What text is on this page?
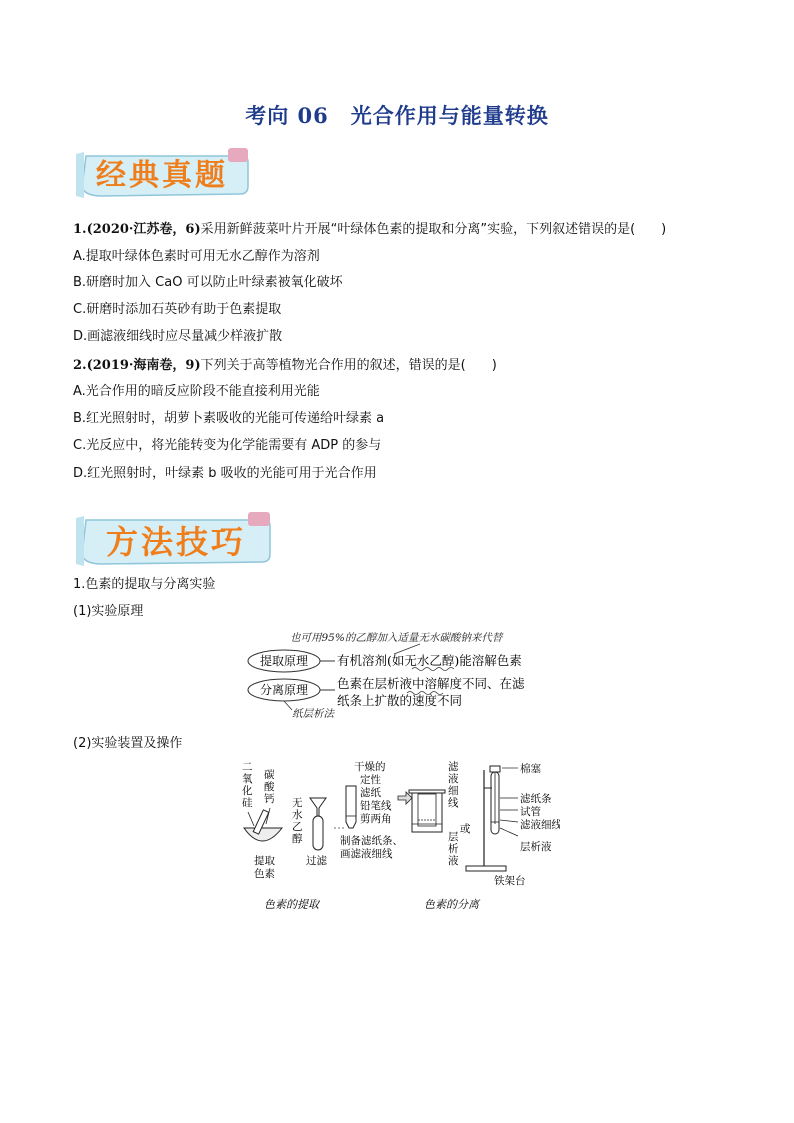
考向 06　光合作用与能量转换
经典真题
1.(2020·江苏卷，6)采用新鲜菠菜叶片开展“叶绿体色素的提取和分离”实验，下列叙述错误的是(　　)
A.提取叶绿体色素时可用无水乙醇作为溶剂
B.研磨时加入 CaO 可以防止叶绿素被氧化破坏
C.研磨时添加石英砂有助于色素提取
D.画滤液细线时应尽量减少样液扩散
2.(2019·海南卷，9)下列关于高等植物光合作用的叙述，错误的是(　　)
A.光合作用的暗反应阶段不能直接利用光能
B.红光照射时，胡萝卜素吸收的光能可传递给叶绿素 a
C.光反应中，将光能转变为化学能需要有 ADP 的参与
D.红光照射时，叶绿素 b 吸收的光能可用于光合作用
方法技巧
1.色素的提取与分离实验
(1)实验原理
也可用95%的乙醇加入适量无水碳酸钠来代替
提取原理 有机溶剂(如无水乙醇)能溶解色素
分离原理 色素在层析液中溶解度不同、在滤
纸条上扩散的速度不同
纸层析法
(2)实验装置及操作
二
氧
化
硅
碳
酸
钙
提取
色素
无
水
乙
醇
过滤
干燥的
定性
滤纸
铅笔线
剪两角
制备滤纸条、
画滤液细线
滤
液
细
线
或
层
析
液
棉塞
滤纸条
试管
滤液细线
层析液
铁架台
色素的提取	色素的分离
